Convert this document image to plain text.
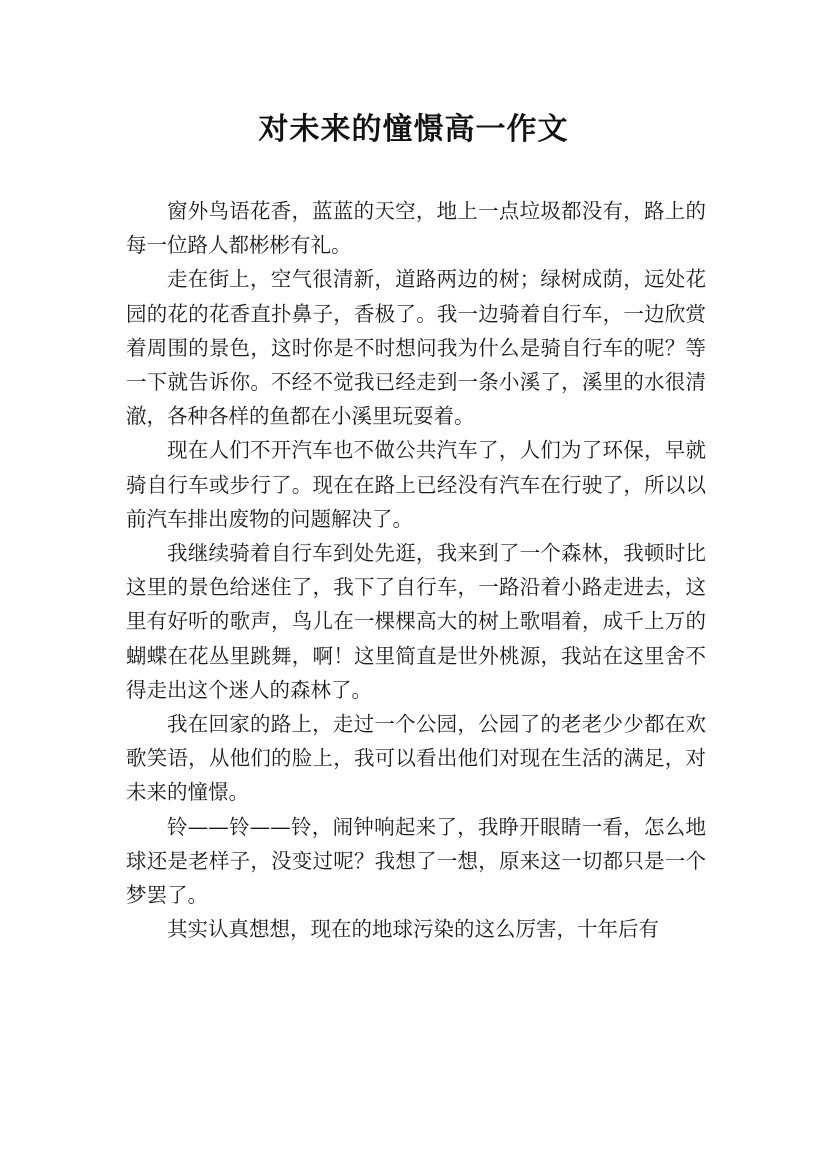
对未来的憧憬高一作文

窗外鸟语花香，蓝蓝的天空，地上一点垃圾都没有，路上的每一位路人都彬彬有礼。

走在街上，空气很清新，道路两边的树；绿树成荫，远处花园的花的花香直扑鼻子，香极了。我一边骑着自行车，一边欣赏着周围的景色，这时你是不时想问我为什么是骑自行车的呢？等一下就告诉你。不经不觉我已经走到一条小溪了，溪里的水很清澈，各种各样的鱼都在小溪里玩耍着。

现在人们不开汽车也不做公共汽车了，人们为了环保，早就骑自行车或步行了。现在在路上已经没有汽车在行驶了，所以以前汽车排出废物的问题解决了。

我继续骑着自行车到处先逛，我来到了一个森林，我顿时比这里的景色给迷住了，我下了自行车，一路沿着小路走进去，这里有好听的歌声，鸟儿在一棵棵高大的树上歌唱着，成千上万的蝴蝶在花丛里跳舞，啊！这里简直是世外桃源，我站在这里舍不得走出这个迷人的森林了。

我在回家的路上，走过一个公园，公园了的老老少少都在欢歌笑语，从他们的脸上，我可以看出他们对现在生活的满足，对未来的憧憬。

铃——铃——铃，闹钟响起来了，我睁开眼睛一看，怎么地球还是老样子，没变过呢？我想了一想，原来这一切都只是一个梦罢了。

其实认真想想，现在的地球污染的这么厉害，十年后有
